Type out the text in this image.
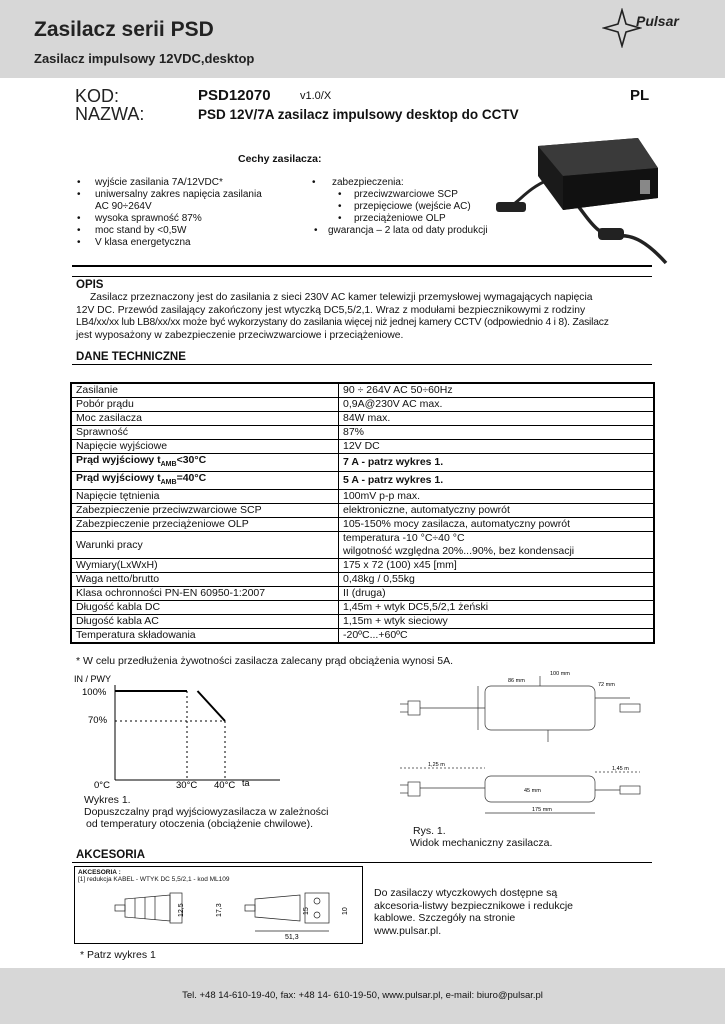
Zasilacz serii PSD
Zasilacz impulsowy 12VDC,desktop
Pulsar
KOD:	PSD12070	v1.0/X	PL
NAZWA:	PSD 12V/7A zasilacz impulsowy desktop do CCTV
Cechy zasilacza:
• wyjście zasilania 7A/12VDC*
• uniwersalny zakres napięcia zasilania
AC 90÷264V
• wysoka sprawność 87%
• moc stand by <0,5W
• V klasa energetyczna
• zabezpieczenia:
• przeciwzwarciowe SCP
• przepięciowe (wejście AC)
• przeciążeniowe OLP
• gwarancja – 2 lata od daty produkcji
OPIS
Zasilacz przeznaczony jest do zasilania z sieci 230V AC kamer telewizji przemysłowej wymagających napięcia
12V DC. Przewód zasilający zakończony jest wtyczką DC5,5/2,1. Wraz z modułami bezpiecznikowymi z rodziny
LB4/xx/xx lub LB8/xx/xx może być wykorzystany do zasilania więcej niż jednej kamery CCTV (odpowiednio 4 i 8). Zasilacz
jest wyposażony w zabezpieczenie przeciwzwarciowe i przeciążeniowe.
DANE TECHNICZNE
Zasilanie	90 ÷ 264V AC 50÷60Hz

Pobór prądu	0,9A@230V AC max.

Moc zasilacza	84W max.

Sprawność	87%

Napięcie wyjściowe	12V DC

Prąd wyjściowy $t_{AMB}<30^\circ C$	7 A - patrz wykres 1.

Prąd wyjściowy $t_{AMB}=40^\circ C$	5 A - patrz wykres 1.

Napięcie tętnienia	100mV p-p max.

Zabezpieczenie przeciwzwarciowe SCP	elektroniczne, automatyczny powrót

Zabezpieczenie przeciążeniowe OLP	105-150% mocy zasilacza, automatyczny powrót

Warunki pracy	temperatura -10 °C÷40 °C
wilgotność względna 20%...90%, bez kondensacji

Wymiary(LxWxH)	175 x 72 (100) x45 [mm]

Waga netto/brutto	0,48kg / 0,55kg

Klasa ochronności PN-EN 60950-1:2007	II (druga)

Długość kabla DC	1,45m + wtyk DC5,5/2,1 żeński

Długość kabla AC	1,15m + wtyk sieciowy

Temperatura składowania	-20ºC...+60ºC
* W celu przedłużenia żywotności zasilacza zalecany prąd obciążenia wynosi 5A.
IN / PWY
100%
70%
0°C	30°C 40°C ta
Wykres 1.
Dopuszczalny prąd wyjściowyzasilacza w zależności
od temperatury otoczenia (obciążenie chwilowe).
86 mm
100 mm
72 mm
1,25 m
1,45 m
45 mm
175 mm
Rys. 1.
Widok mechaniczny zasilacza.
AKCESORIA
AKCESORIA :
[1] redukcja KABEL - WTYK DC 5,5/2,1 - kod ML109
12,5	17,3	15	10
51,3
Do zasilaczy wtyczkowych dostępne są
akcesoria-listwy bezpiecznikowe i redukcje
kablowe. Szczegóły na stronie
www.pulsar.pl.
* Patrz wykres 1
Tel. +48 14-610-19-40, fax: +48 14- 610-19-50, www.pulsar.pl, e-mail: biuro@pulsar.pl
